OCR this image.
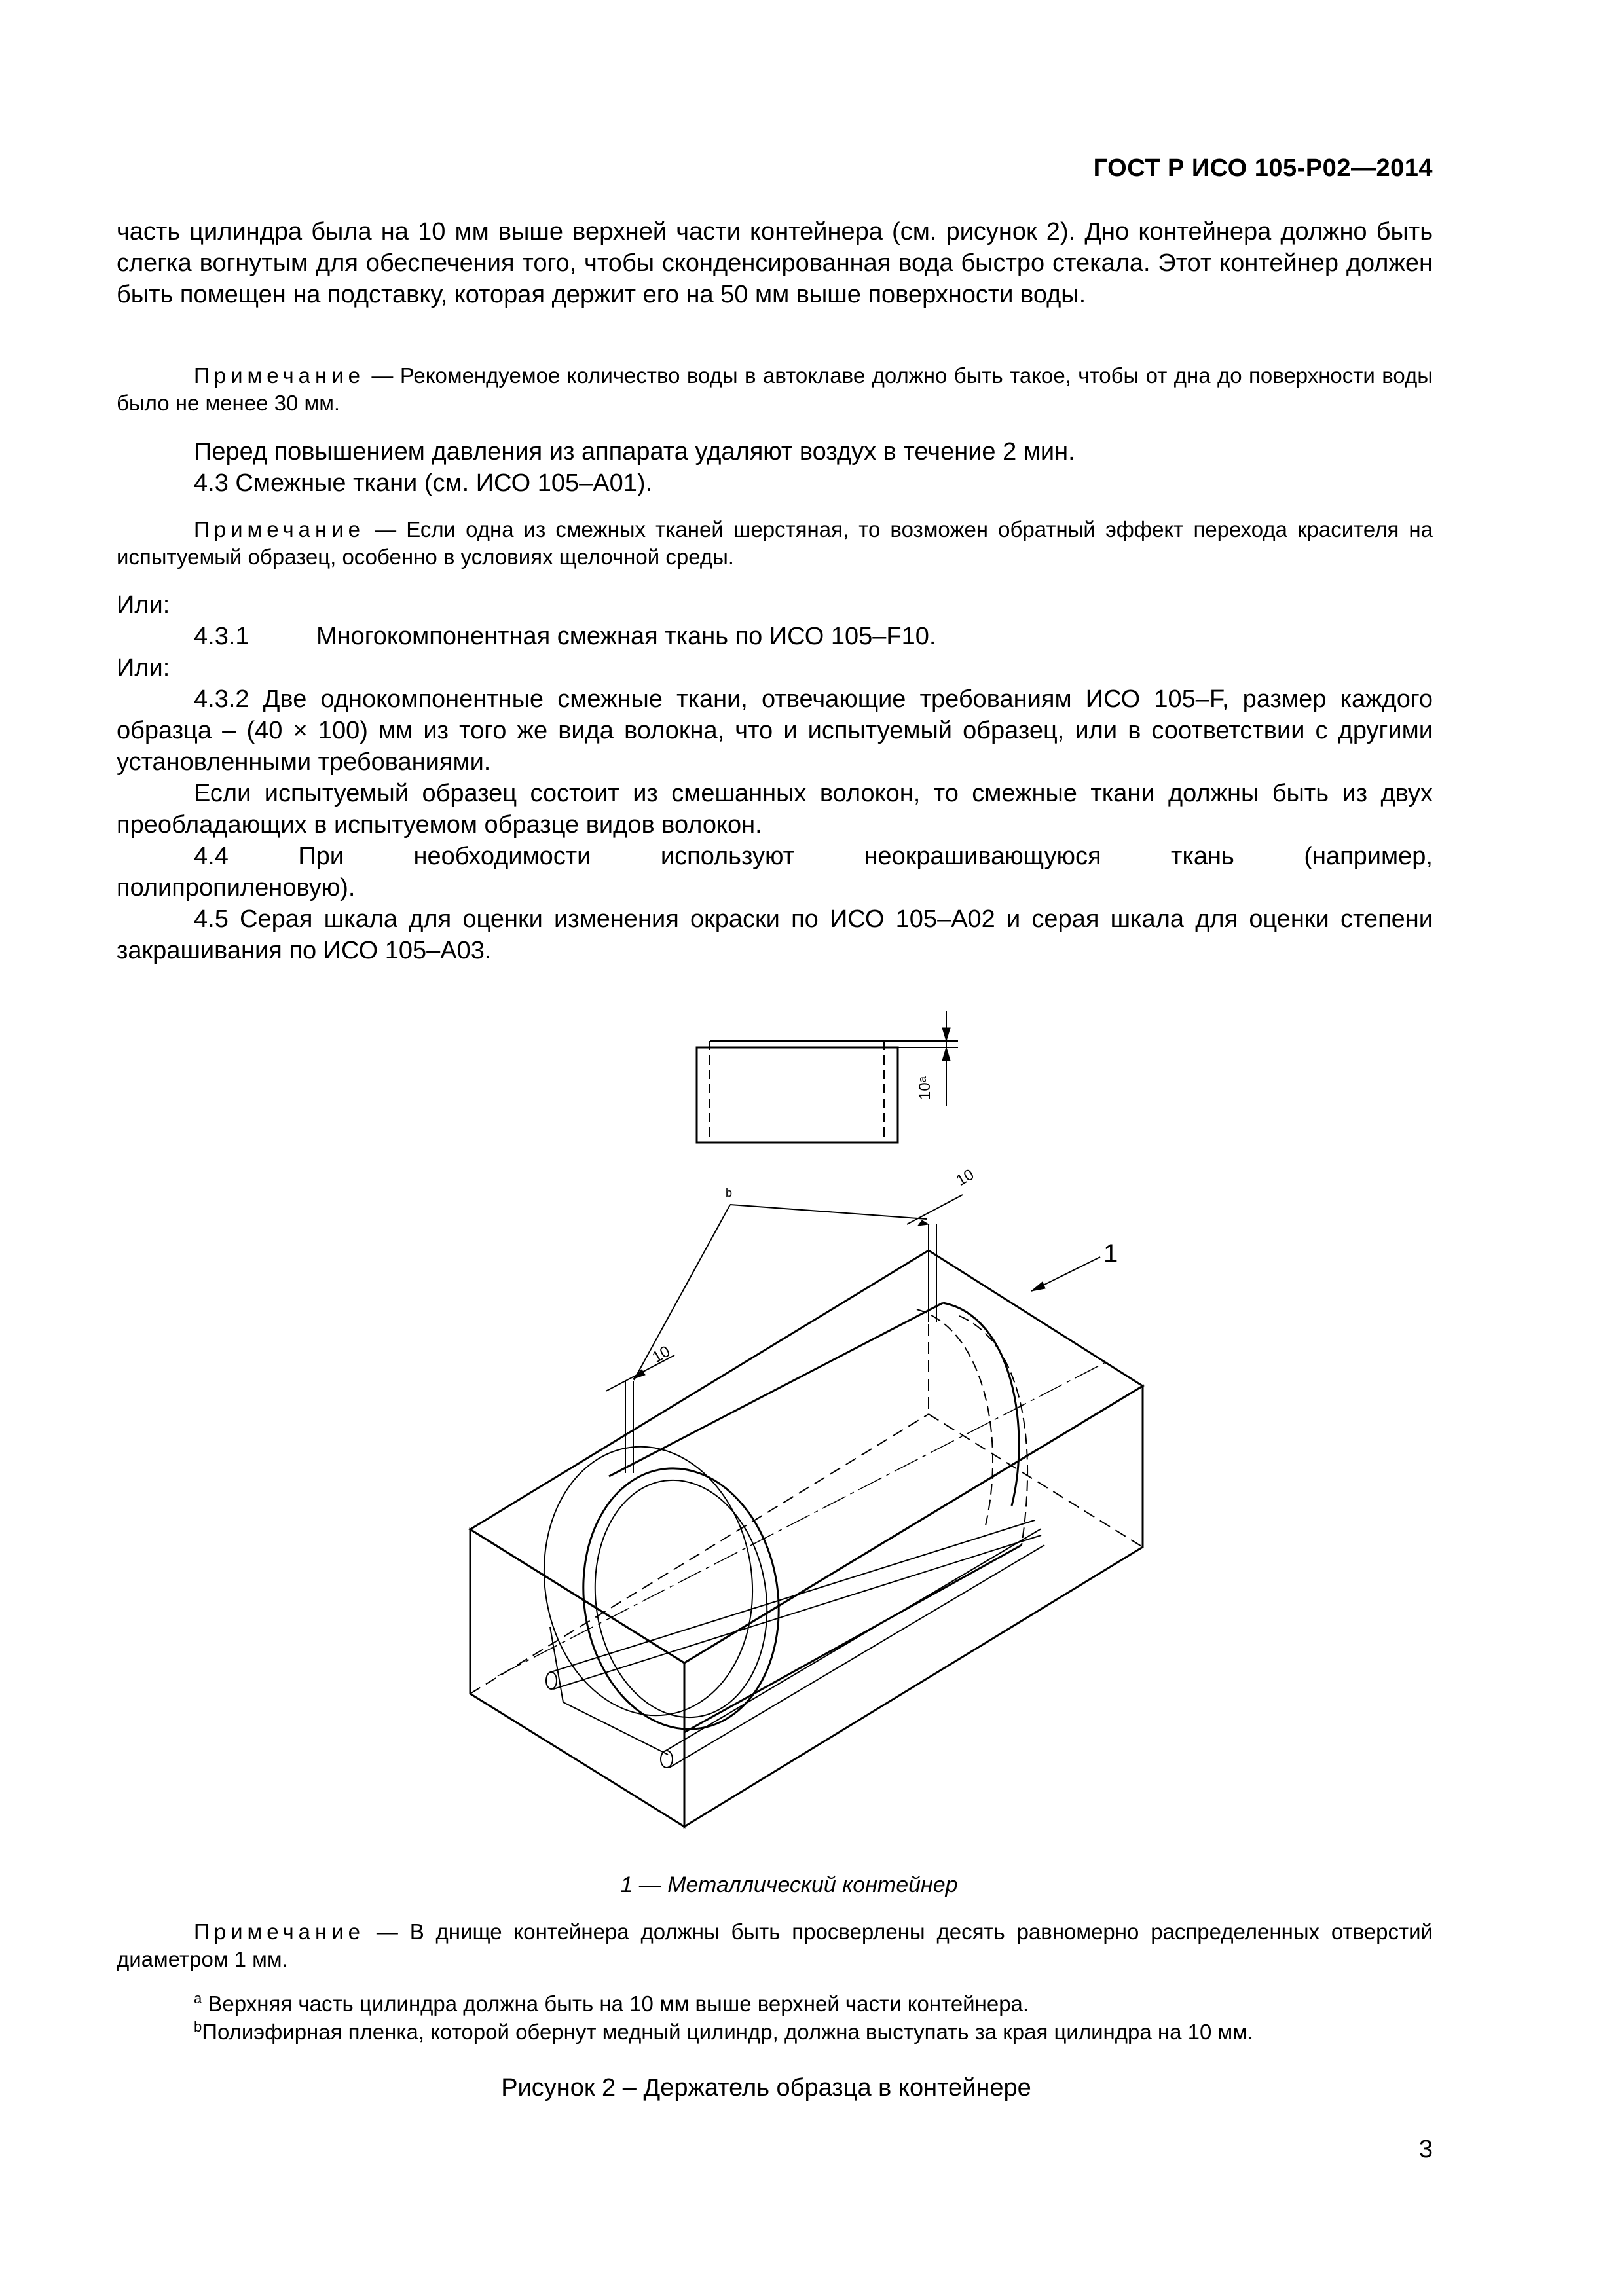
ГОСТ Р ИСО 105-Р02—2014
часть цилиндра была на 10 мм выше верхней части контейнера (см. рисунок 2). Дно контейнера должно быть слегка вогнутым для обеспечения того, чтобы сконденсированная вода быстро стекала. Этот контейнер должен быть помещен на подставку, которая держит его на 50 мм выше поверхности воды.
Примечание — Рекомендуемое количество воды в автоклаве должно быть такое, чтобы от дна до поверхности воды было не менее 30 мм.
Перед повышением давления из аппарата удаляют воздух в течение 2 мин.
4.3 Смежные ткани (см. ИСО 105–А01).
Примечание — Если одна из смежных тканей шерстяная, то возможен обратный эффект перехода красителя на испытуемый образец, особенно в условиях щелочной среды.
Или:
4.3.1	Многокомпонентная смежная ткань по ИСО 105–F10.
Или:
4.3.2 Две однокомпонентные смежные ткани, отвечающие требованиям ИСО 105–F, размер каждого образца – (40 × 100) мм из того же вида волокна, что и испытуемый образец, или в соответствии с другими установленными требованиями.
Если испытуемый образец состоит из смешанных волокон, то смежные ткани должны быть из двух преобладающих в испытуемом образце видов волокон.
4.4 При необходимости используют неокрашивающуюся ткань (например, полипропиленовую).
4.5 Серая шкала для оценки изменения окраски по ИСО 105–А02 и серая шкала для оценки степени закрашивания по ИСО 105–А03.
10ᵃ
10
10
b
1
1 — Металлический контейнер
Примечание — В днище контейнера должны быть просверлены десять равномерно распределенных отверстий диаметром 1 мм.
$^a$ Верхняя часть цилиндра должна быть на 10 мм выше верхней части контейнера.
$^b$Полиэфирная пленка, которой обернут медный цилиндр, должна выступать за края цилиндра на 10 мм.
Рисунок 2 – Держатель образца в контейнере
3
